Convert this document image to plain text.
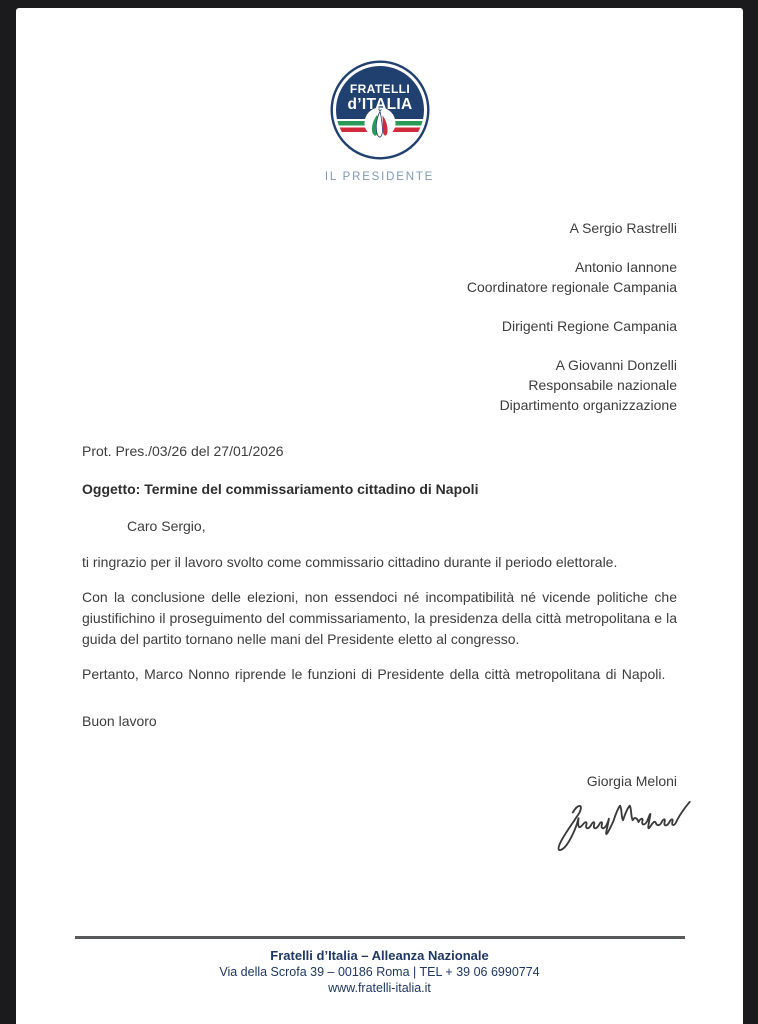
FRATELLI
d’ITALIA
IL PRESIDENTE
A Sergio Rastrelli
Antonio Iannone
Coordinatore regionale Campania
Dirigenti Regione Campania
A Giovanni Donzelli
Responsabile nazionale
Dipartimento organizzazione
Prot. Pres./03/26 del 27/01/2026
Oggetto: Termine del commissariamento cittadino di Napoli
Caro Sergio,

ti ringrazio per il lavoro svolto come commissario cittadino durante il periodo elettorale.

Con la conclusione delle elezioni, non essendoci né incompatibilità né vicende politiche che giustifichino il proseguimento del commissariamento, la presidenza della città metropolitana e la guida del partito tornano nelle mani del Presidente eletto al congresso.

Pertanto, Marco Nonno riprende le funzioni di Presidente della città metropolitana di Napoli.

Buon lavoro
Giorgia Meloni
Fratelli d’Italia – Alleanza Nazionale
Via della Scrofa 39 – 00186 Roma | TEL + 39 06 6990774
www.fratelli-italia.it
